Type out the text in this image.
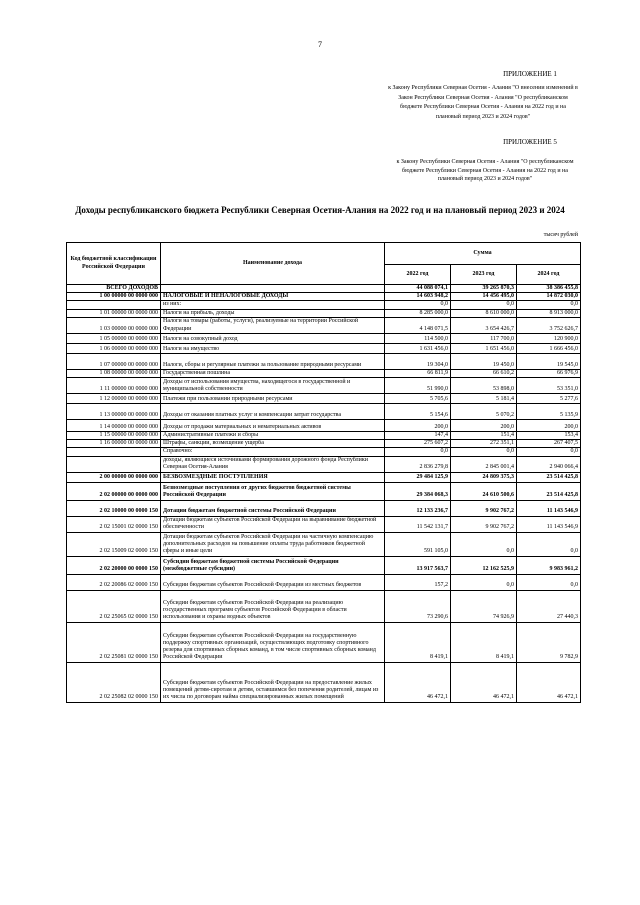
7
ПРИЛОЖЕНИЕ 1
к Закону Республики Северная Осетия - Алания "О внесении изменений в Закон Республики Северная Осетия - Алания "О республиканском бюджете Республики Северная Осетия - Алания на 2022 год и на плановый период 2023 и 2024 годов"
ПРИЛОЖЕНИЕ 5
к Закону Республики Северная Осетия - Алания "О республиканском бюджете Республики Северная Осетия - Алания на 2022 год и на плановый период 2023 и 2024 годов"
Доходы республиканского бюджета Республики Северная Осетия-Алания на 2022 год и на плановый период 2023 и 2024
тысяч рублей
Код бюджетной классификации Российской Федерации	Наименование дохода	Сумма		
		2022 год	2023 год	2024 год
ВСЕГО ДОХОДОВ		44 088 074,1	39 265 870,3	38 386 455,8
1 00 00000 00 0000 000	НАЛОГОВЫЕ И НЕНАЛОГОВЫЕ ДОХОДЫ	14 603 948,2	14 456 495,0	14 872 030,0
	из них:	0,0	0,0	0,0
1 01 00000 00 0000 000	Налоги на прибыль, доходы	8 285 000,0	8 610 000,0	8 913 000,0
1 03 00000 00 0000 000	Налоги на товары (работы, услуги), реализуемые на территории Российской Федерации	4 148 071,5	3 654 426,7	3 752 626,7
1 05 00000 00 0000 000	Налоги на совокупный доход	114 500,0	117 700,0	120 900,0
1 06 00000 00 0000 000	Налоги на имущество	1 631 456,0	1 651 456,0	1 666 456,0
1 07 00000 00 0000 000	Налоги, сборы и регулярные платежи за пользование природными ресурсами	19 304,0	19 450,0	19 545,0
1 08 00000 00 0000 000	Государственная пошлина	66 811,9	66 610,2	66 976,9
1 11 00000 00 0000 000	Доходы от использования имущества, находящегося в государственной и муниципальной собственности	51 990,0	53 898,0	53 351,0
1 12 00000 00 0000 000	Платежи при пользовании природными ресурсами	5 705,6	5 181,4	5 277,6
1 13 00000 00 0000 000	Доходы от оказания платных услуг и компенсации затрат государства	5 154,6	5 070,2	5 135,9
1 14 00000 00 0000 000	Доходы от продажи материальных и нематериальных активов	200,0	200,0	200,0
1 15 00000 00 0000 000	Административные платежи и сборы	147,4	151,4	153,4
1 16 00000 00 0000 000	Штрафы, санкции, возмещение ущерба	275 607,2	272 351,1	267 407,5
	Справочно:	0,0	0,0	0,0
	доходы, являющиеся источниками формирования дорожного фонда Республики Северная Осетия-Алания	2 836 279,8	2 845 001,4	2 940 066,4
2 00 00000 00 0000 000	БЕЗВОЗМЕЗДНЫЕ ПОСТУПЛЕНИЯ	29 484 125,9	24 809 375,3	23 514 425,8
2 02 00000 00 0000 000	Безвозмездные поступления от других бюджетов бюджетной системы Российской Федерации	29 384 068,3	24 610 500,6	23 514 425,8
2 02 10000 00 0000 150	Дотации бюджетам бюджетной системы Российской Федерации	12 133 236,7	9 902 767,2	11 143 546,9
2 02 15001 02 0000 150	Дотации бюджетам субъектов Российской Федерации на выравнивание бюджетной обеспеченности	11 542 131,7	9 902 767,2	11 143 546,9
2 02 15009 02 0000 150	Дотации бюджетам субъектов Российской Федерации на частичную компенсацию дополнительных расходов на повышение оплаты труда работников бюджетной сферы и иные цели	591 105,0	0,0	0,0
2 02 20000 00 0000 150	Субсидии бюджетам бюджетной системы Российской Федерации (межбюджетные субсидии)	13 917 563,7	12 162 525,9	9 983 961,2
2 02 20086 02 0000 150	Субсидии бюджетам субъектов Российской Федерации из местных бюджетов	157,2	0,0	0,0
2 02 25065 02 0000 150	Субсидии бюджетам субъектов Российской Федерации на реализацию государственных программ субъектов Российской Федерации в области использования и охраны водных объектов	73 290,6	74 926,9	27 440,3
2 02 25081 02 0000 150	Субсидии бюджетам субъектов Российской Федерации на государственную поддержку спортивных организаций, осуществляющих подготовку спортивного резерва для спортивных сборных команд, в том числе спортивных сборных команд Российской Федерации	8 419,1	8 419,1	9 782,9
2 02 25082 02 0000 150	Субсидии бюджетам субъектов Российской Федерации на предоставление жилых помещений детям-сиротам и детям, оставшимся без попечения родителей, лицам из их числа по договорам найма специализированных жилых помещений	46 472,1	46 472,1	46 472,1
